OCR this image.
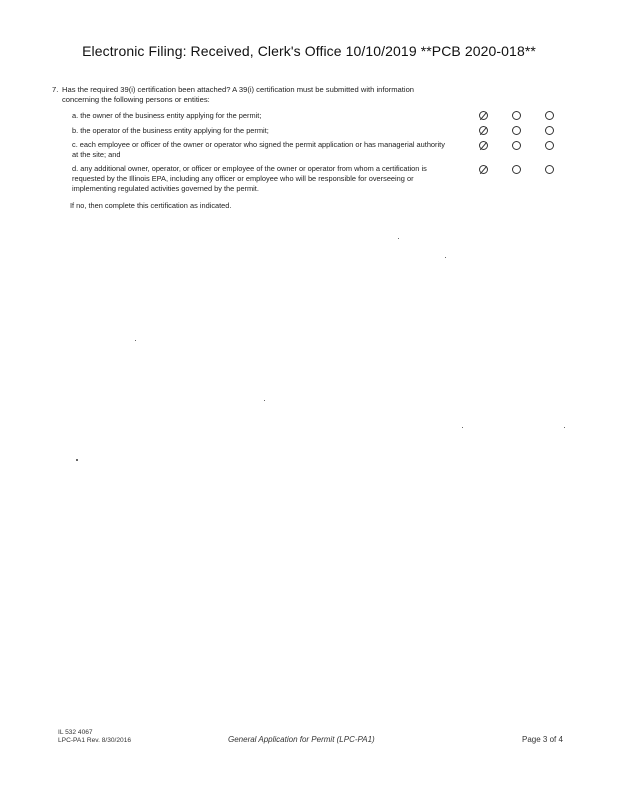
Electronic Filing: Received, Clerk's Office 10/10/2019 **PCB 2020-018**
7. Has the required 39(i) certification been attached? A 39(i) certification must be submitted with information concerning the following persons or entities:
a. the owner of the business entity applying for the permit;
b. the operator of the business entity applying for the permit;
c. each employee or officer of the owner or operator who signed the permit application or has managerial authority at the site; and
d. any additional owner, operator, or officer or employee of the owner or operator from whom a certification is requested by the Illinois EPA, including any officer or employee who will be responsible for overseeing or implementing regulated activities governed by the permit.
If no, then complete this certification as indicated.
IL 532 4067
LPC-PA1 Rev. 8/30/2016	General Application for Permit (LPC-PA1)	Page 3 of 4
